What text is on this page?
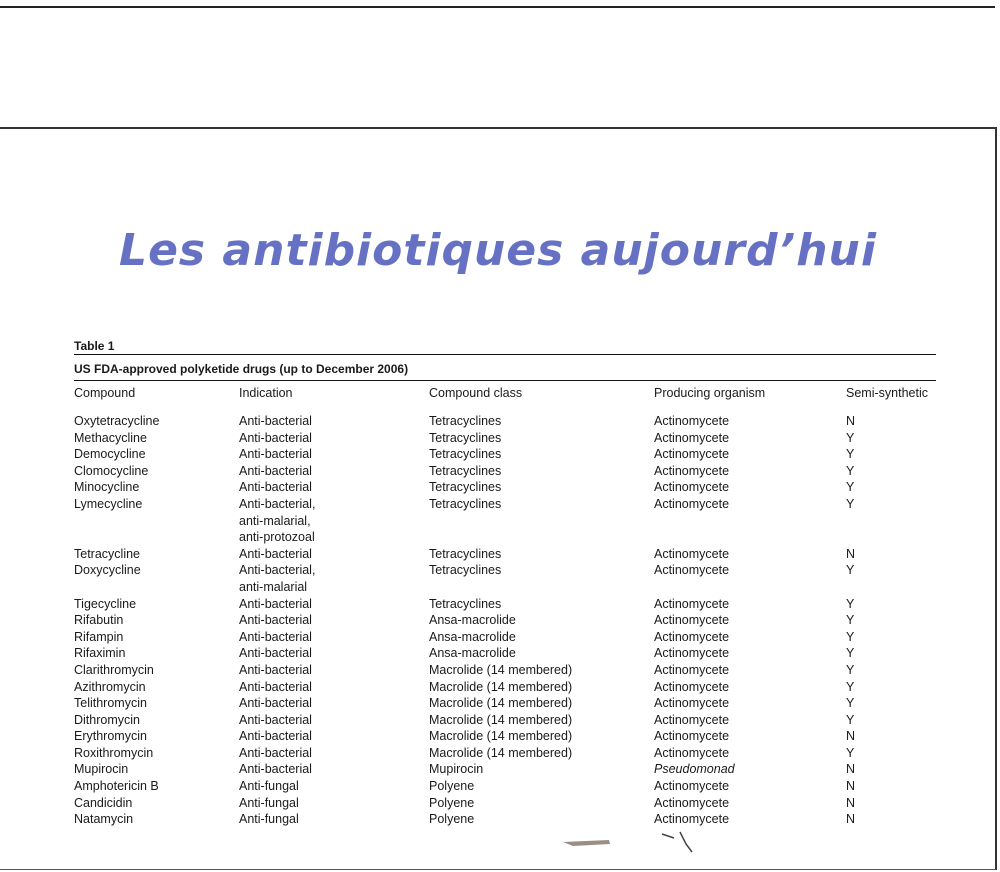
Les antibiotiques aujourd’hui
Table 1
US FDA-approved polyketide drugs (up to December 2006)
Compound	Indication	Compound class	Producing organism	Semi-synthetic
Oxytetracycline	Anti-bacterial	Tetracyclines	Actinomycete	N
Methacycline	Anti-bacterial	Tetracyclines	Actinomycete	Y
Democycline	Anti-bacterial	Tetracyclines	Actinomycete	Y
Clomocycline	Anti-bacterial	Tetracyclines	Actinomycete	Y
Minocycline	Anti-bacterial	Tetracyclines	Actinomycete	Y
Lymecycline	Anti-bacterial,
anti-malarial,
anti-protozoal	Tetracyclines	Actinomycete	Y
Tetracycline	Anti-bacterial	Tetracyclines	Actinomycete	N
Doxycycline	Anti-bacterial,
anti-malarial	Tetracyclines	Actinomycete	Y
Tigecycline	Anti-bacterial	Tetracyclines	Actinomycete	Y
Rifabutin	Anti-bacterial	Ansa-macrolide	Actinomycete	Y
Rifampin	Anti-bacterial	Ansa-macrolide	Actinomycete	Y
Rifaximin	Anti-bacterial	Ansa-macrolide	Actinomycete	Y
Clarithromycin	Anti-bacterial	Macrolide (14 membered)	Actinomycete	Y
Azithromycin	Anti-bacterial	Macrolide (14 membered)	Actinomycete	Y
Telithromycin	Anti-bacterial	Macrolide (14 membered)	Actinomycete	Y
Dithromycin	Anti-bacterial	Macrolide (14 membered)	Actinomycete	Y
Erythromycin	Anti-bacterial	Macrolide (14 membered)	Actinomycete	N
Roxithromycin	Anti-bacterial	Macrolide (14 membered)	Actinomycete	Y
Mupirocin	Anti-bacterial	Mupirocin	Pseudomonad	N
Amphotericin B	Anti-fungal	Polyene	Actinomycete	N
Candicidin	Anti-fungal	Polyene	Actinomycete	N
Natamycin	Anti-fungal	Polyene	Actinomycete	N
